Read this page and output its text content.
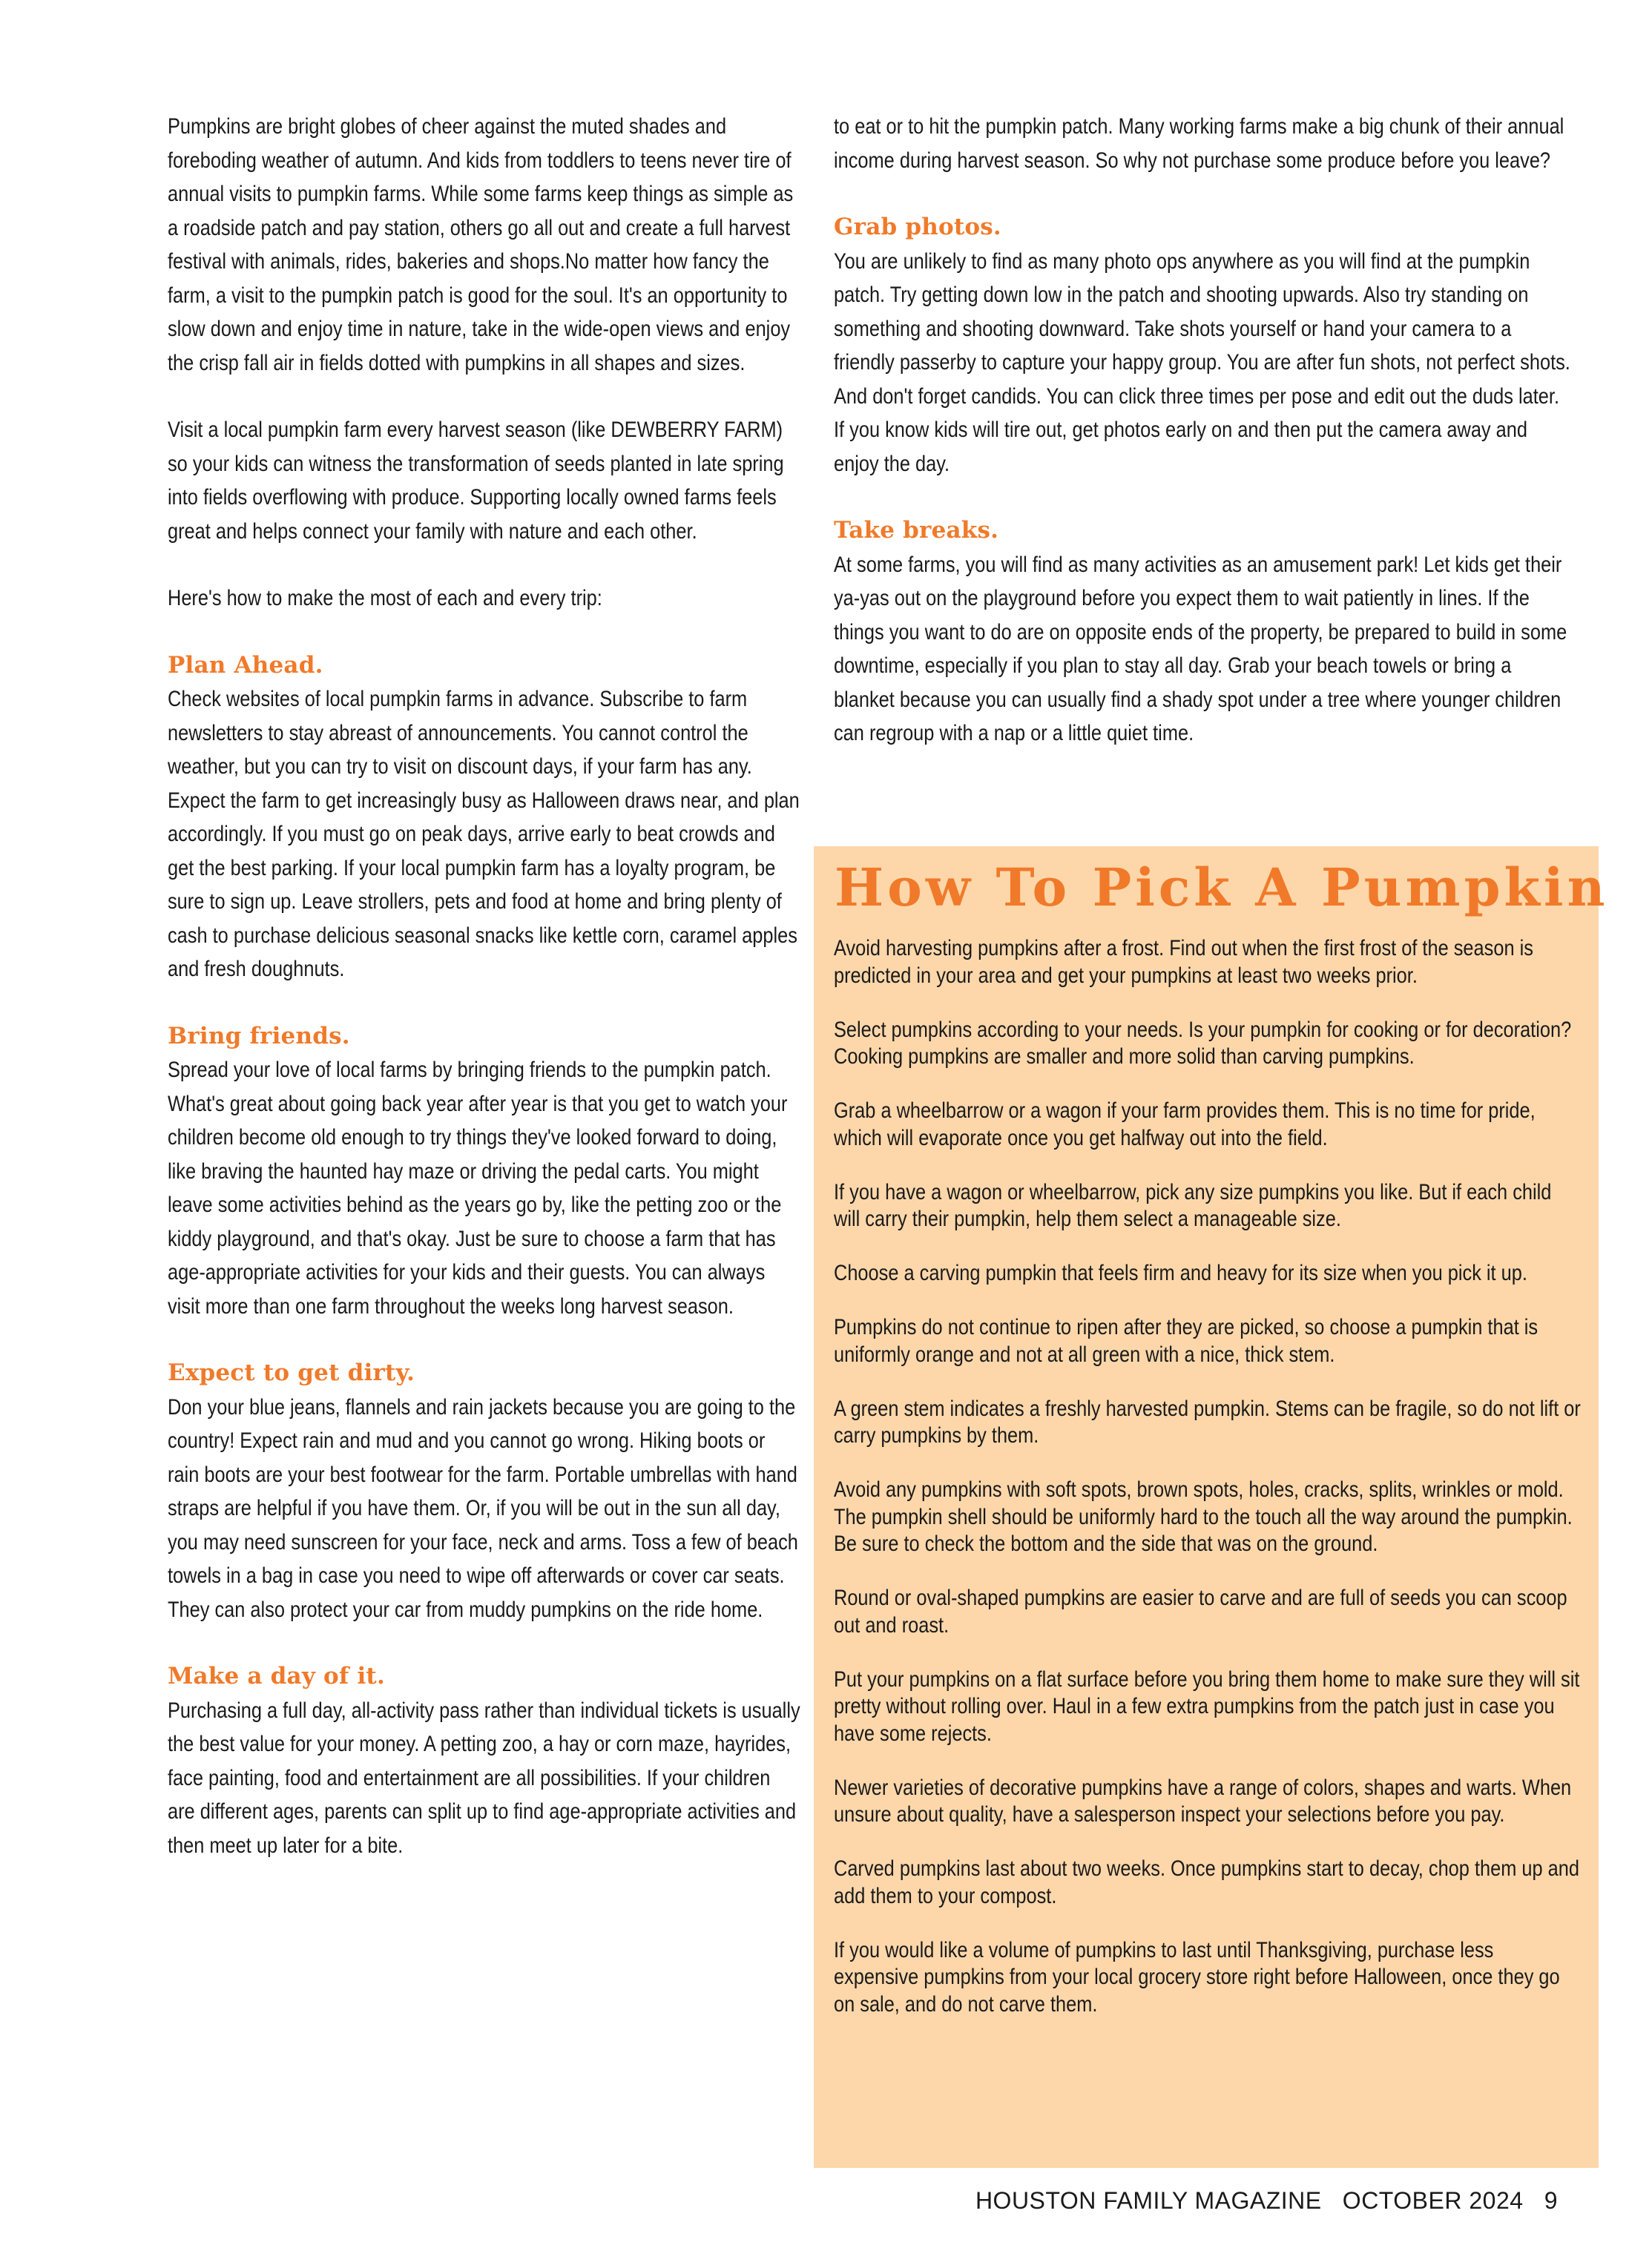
Pumpkins are bright globes of cheer against the muted shades and foreboding weather of autumn. And kids from toddlers to teens never tire of annual visits to pumpkin farms. While some farms keep things as simple as a roadside patch and pay station, others go all out and create a full harvest festival with animals, rides, bakeries and shops.No matter how fancy the farm, a visit to the pumpkin patch is good for the soul. It's an opportunity to slow down and enjoy time in nature, take in the wide-open views and enjoy the crisp fall air in fields dotted with pumpkins in all shapes and sizes.

Visit a local pumpkin farm every harvest season (like DEWBERRY FARM) so your kids can witness the transformation of seeds planted in late spring into fields overflowing with produce. Supporting locally owned farms feels great and helps connect your family with nature and each other.

Here's how to make the most of each and every trip:

Plan Ahead.

Check websites of local pumpkin farms in advance. Subscribe to farm newsletters to stay abreast of announcements. You cannot control the weather, but you can try to visit on discount days, if your farm has any. Expect the farm to get increasingly busy as Halloween draws near, and plan accordingly. If you must go on peak days, arrive early to beat crowds and get the best parking. If your local pumpkin farm has a loyalty program, be sure to sign up. Leave strollers, pets and food at home and bring plenty of cash to purchase delicious seasonal snacks like kettle corn, caramel apples and fresh doughnuts.

Bring friends.

Spread your love of local farms by bringing friends to the pumpkin patch. What's great about going back year after year is that you get to watch your children become old enough to try things they've looked forward to doing, like braving the haunted hay maze or driving the pedal carts. You might leave some activities behind as the years go by, like the petting zoo or the kiddy playground, and that's okay. Just be sure to choose a farm that has age-appropriate activities for your kids and their guests. You can always visit more than one farm throughout the weeks long harvest season.

Expect to get dirty.

Don your blue jeans, flannels and rain jackets because you are going to the country! Expect rain and mud and you cannot go wrong. Hiking boots or rain boots are your best footwear for the farm. Portable umbrellas with hand straps are helpful if you have them. Or, if you will be out in the sun all day, you may need sunscreen for your face, neck and arms. Toss a few of beach towels in a bag in case you need to wipe off afterwards or cover car seats. They can also protect your car from muddy pumpkins on the ride home.

Make a day of it.

Purchasing a full day, all-activity pass rather than individual tickets is usually the best value for your money. A petting zoo, a hay or corn maze, hayrides, face painting, food and entertainment are all possibilities. If your children are different ages, parents can split up to find age-appropriate activities and then meet up later for a bite.

to eat or to hit the pumpkin patch. Many working farms make a big chunk of their annual income during harvest season. So why not purchase some produce before you leave?

Grab photos.

You are unlikely to find as many photo ops anywhere as you will find at the pumpkin patch. Try getting down low in the patch and shooting upwards. Also try standing on something and shooting downward. Take shots yourself or hand your camera to a friendly passerby to capture your happy group. You are after fun shots, not perfect shots. And don't forget candids. You can click three times per pose and edit out the duds later. If you know kids will tire out, get photos early on and then put the camera away and enjoy the day.

Take breaks.

At some farms, you will find as many activities as an amusement park! Let kids get their ya-yas out on the playground before you expect them to wait patiently in lines. If the things you want to do are on opposite ends of the property, be prepared to build in some downtime, especially if you plan to stay all day. Grab your beach towels or bring a blanket because you can usually find a shady spot under a tree where younger children can regroup with a nap or a little quiet time.

How To Pick A Pumpkin

Avoid harvesting pumpkins after a frost. Find out when the first frost of the season is predicted in your area and get your pumpkins at least two weeks prior.

Select pumpkins according to your needs. Is your pumpkin for cooking or for decoration? Cooking pumpkins are smaller and more solid than carving pumpkins.

Grab a wheelbarrow or a wagon if your farm provides them. This is no time for pride, which will evaporate once you get halfway out into the field.

If you have a wagon or wheelbarrow, pick any size pumpkins you like. But if each child will carry their pumpkin, help them select a manageable size.

Choose a carving pumpkin that feels firm and heavy for its size when you pick it up.

Pumpkins do not continue to ripen after they are picked, so choose a pumpkin that is uniformly orange and not at all green with a nice, thick stem.

A green stem indicates a freshly harvested pumpkin. Stems can be fragile, so do not lift or carry pumpkins by them.

Avoid any pumpkins with soft spots, brown spots, holes, cracks, splits, wrinkles or mold. The pumpkin shell should be uniformly hard to the touch all the way around the pumpkin. Be sure to check the bottom and the side that was on the ground.

Round or oval-shaped pumpkins are easier to carve and are full of seeds you can scoop out and roast.

Put your pumpkins on a flat surface before you bring them home to make sure they will sit pretty without rolling over. Haul in a few extra pumpkins from the patch just in case you have some rejects.

Newer varieties of decorative pumpkins have a range of colors, shapes and warts. When unsure about quality, have a salesperson inspect your selections before you pay.

Carved pumpkins last about two weeks. Once pumpkins start to decay, chop them up and add them to your compost.

If you would like a volume of pumpkins to last until Thanksgiving, purchase less expensive pumpkins from your local grocery store right before Halloween, once they go on sale, and do not carve them.

HOUSTON FAMILY MAGAZINE OCTOBER 2024 9
